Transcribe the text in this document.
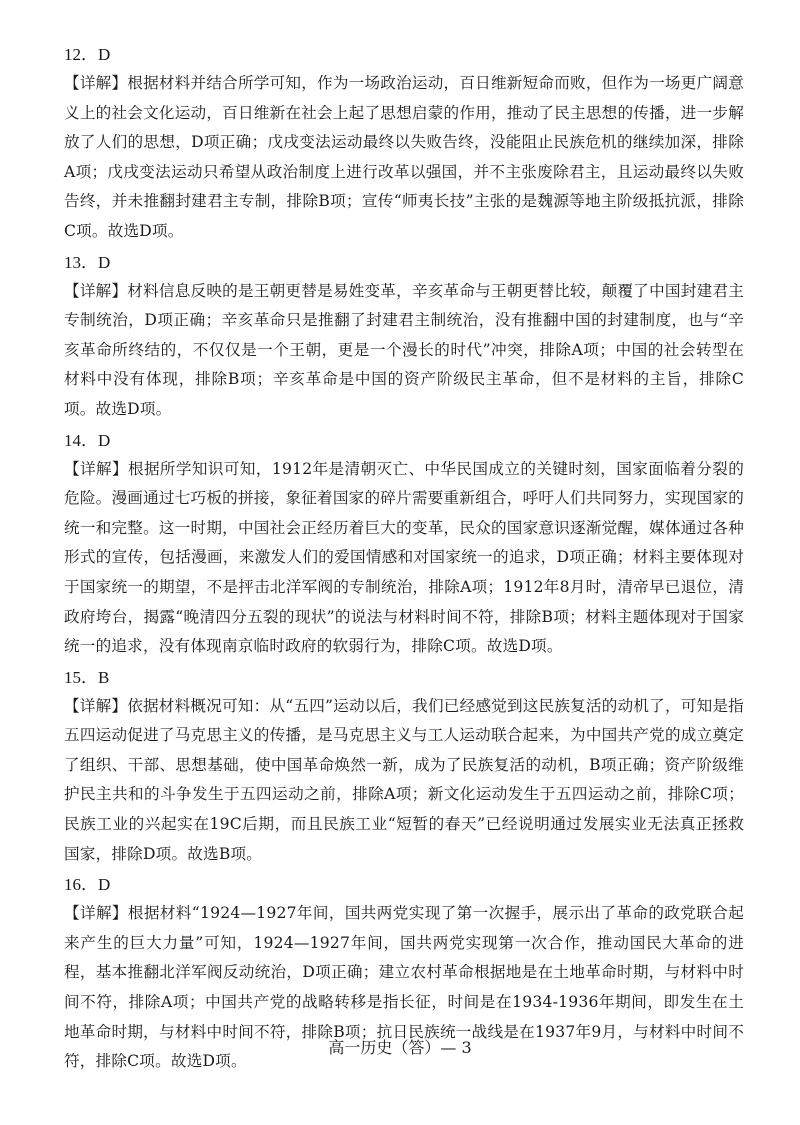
12．D

【详解】根据材料并结合所学可知，作为一场政治运动，百日维新短命而败，但作为一场更广阔意义上的社会文化运动，百日维新在社会上起了思想启蒙的作用，推动了民主思想的传播，进一步解放了人们的思想，D项正确；戊戌变法运动最终以失败告终，没能阻止民族危机的继续加深，排除A项；戊戌变法运动只希望从政治制度上进行改革以强国，并不主张废除君主，且运动最终以失败告终，并未推翻封建君主专制，排除B项；宣传“师夷长技”主张的是魏源等地主阶级抵抗派，排除C项。故选D项。

13．D

【详解】材料信息反映的是王朝更替是易姓变革，辛亥革命与王朝更替比较，颠覆了中国封建君主专制统治，D项正确；辛亥革命只是推翻了封建君主制统治，没有推翻中国的封建制度，也与“辛亥革命所终结的，不仅仅是一个王朝，更是一个漫长的时代”冲突，排除A项；中国的社会转型在材料中没有体现，排除B项；辛亥革命是中国的资产阶级民主革命，但不是材料的主旨，排除C项。故选D项。

14．D

【详解】根据所学知识可知，1912年是清朝灭亡、中华民国成立的关键时刻，国家面临着分裂的危险。漫画通过七巧板的拼接，象征着国家的碎片需要重新组合，呼吁人们共同努力，实现国家的统一和完整。这一时期，中国社会正经历着巨大的变革，民众的国家意识逐渐觉醒，媒体通过各种形式的宣传，包括漫画，来激发人们的爱国情感和对国家统一的追求，D项正确；材料主要体现对于国家统一的期望，不是抨击北洋军阀的专制统治，排除A项；1912年8月时，清帝早已退位，清政府垮台，揭露“晚清四分五裂的现状”的说法与材料时间不符，排除B项；材料主题体现对于国家统一的追求，没有体现南京临时政府的软弱行为，排除C项。故选D项。

15．B

【详解】依据材料概况可知：从“五四”运动以后，我们已经感觉到这民族复活的动机了，可知是指五四运动促进了马克思主义的传播，是马克思主义与工人运动联合起来，为中国共产党的成立奠定了组织、干部、思想基础，使中国革命焕然一新，成为了民族复活的动机，B项正确；资产阶级维护民主共和的斗争发生于五四运动之前，排除A项；新文化运动发生于五四运动之前，排除C项；民族工业的兴起实在19C后期，而且民族工业“短暂的春天”已经说明通过发展实业无法真正拯救国家，排除D项。故选B项。

16．D

【详解】根据材料“1924—1927年间，国共两党实现了第一次握手，展示出了革命的政党联合起来产生的巨大力量”可知，1924—1927年间，国共两党实现第一次合作，推动国民大革命的进程，基本推翻北洋军阀反动统治，D项正确；建立农村革命根据地是在土地革命时期，与材料中时间不符，排除A项；中国共产党的战略转移是指长征，时间是在1934-1936年期间，即发生在土地革命时期，与材料中时间不符，排除B项；抗日民族统一战线是在1937年9月，与材料中时间不符，排除C项。故选D项。

高一历史（答）— 3
